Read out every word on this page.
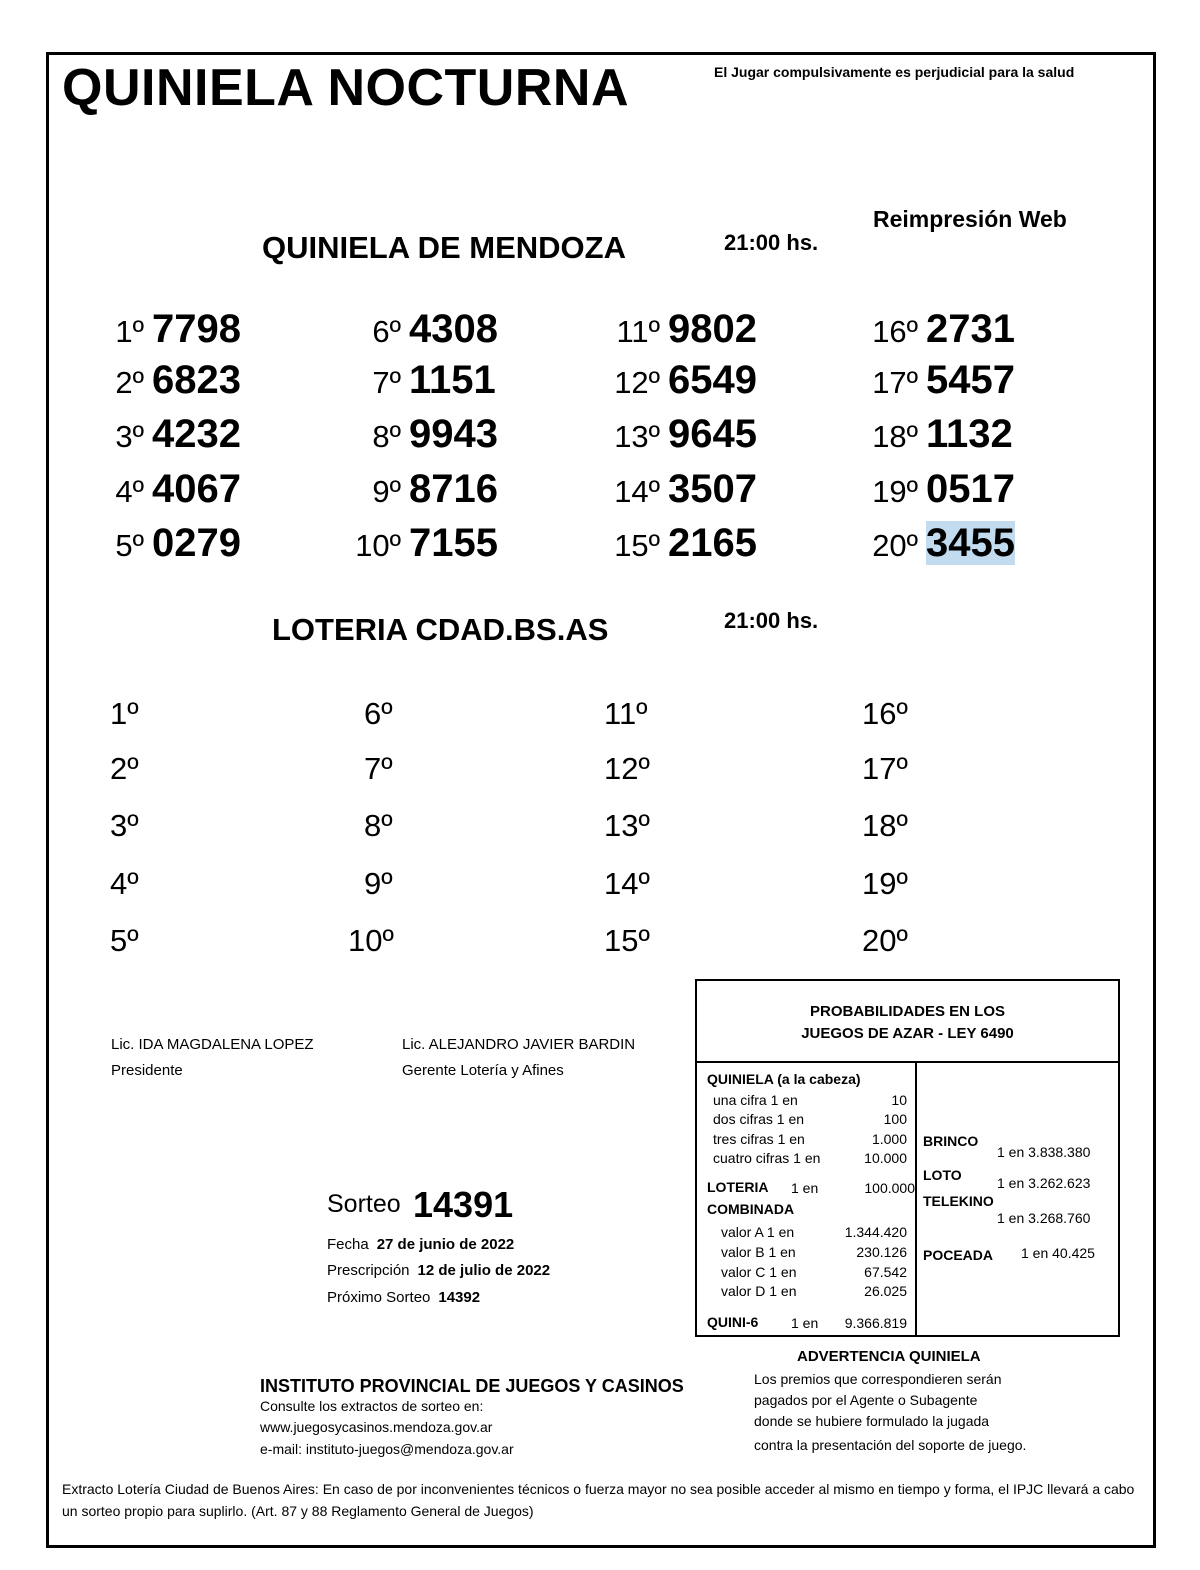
QUINIELA NOCTURNA	El Jugar compulsivamente es perjudicial para la salud
Reimpresión Web
QUINIELA DE MENDOZA	21:00 hs.
1º 7798
2º 6823
3º 4232
4º 4067
5º 0279
6º 4308
7º 1151
8º 9943
9º 8716
10º 7155
11º 9802
12º 6549
13º 9645
14º 3507
15º 2165
16º 2731
17º 5457
18º 1132
19º 0517
20º 3455
LOTERIA CDAD.BS.AS	21:00 hs.
1º
2º
3º
4º
5º
6º
7º
8º
9º
10º
11º
12º
13º
14º
15º
16º
17º
18º
19º
20º
Lic. IDA MAGDALENA LOPEZ
Presidente
Lic. ALEJANDRO JAVIER BARDIN
Gerente Lotería y Afines
Sorteo 14391
Fecha 27 de junio de 2022
Prescripción 12 de julio de 2022
Próximo Sorteo 14392
PROBABILIDADES EN LOS
JUEGOS DE AZAR - LEY 6490
QUINIELA (a la cabeza)
una cifra 1 en	10
dos cifras 1 en	100
tres cifras 1 en	1.000
cuatro cifras 1 en	10.000
LOTERIA 1 en	100.000
COMBINADA
valor A 1 en	1.344.420
valor B 1 en	230.126
valor C 1 en	67.542
valor D 1 en	26.025
QUINI-6 1 en	9.366.819
BRINCO
1 en 3.838.380
LOTO	1 en 3.262.623
TELEKINO
1 en 3.268.760
POCEADA 1 en 40.425
INSTITUTO PROVINCIAL DE JUEGOS Y CASINOS
Consulte los extractos de sorteo en:
www.juegosycasinos.mendoza.gov.ar
e-mail: instituto-juegos@mendoza.gov.ar
ADVERTENCIA QUINIELA
Los premios que correspondieren serán
pagados por el Agente o Subagente
donde se hubiere formulado la jugada
contra la presentación del soporte de juego.
Extracto Lotería Ciudad de Buenos Aires: En caso de por inconvenientes técnicos o fuerza mayor no sea posible acceder al mismo en tiempo y forma, el IPJC llevará a cabo un sorteo propio para suplirlo. (Art. 87 y 88 Reglamento General de Juegos)
